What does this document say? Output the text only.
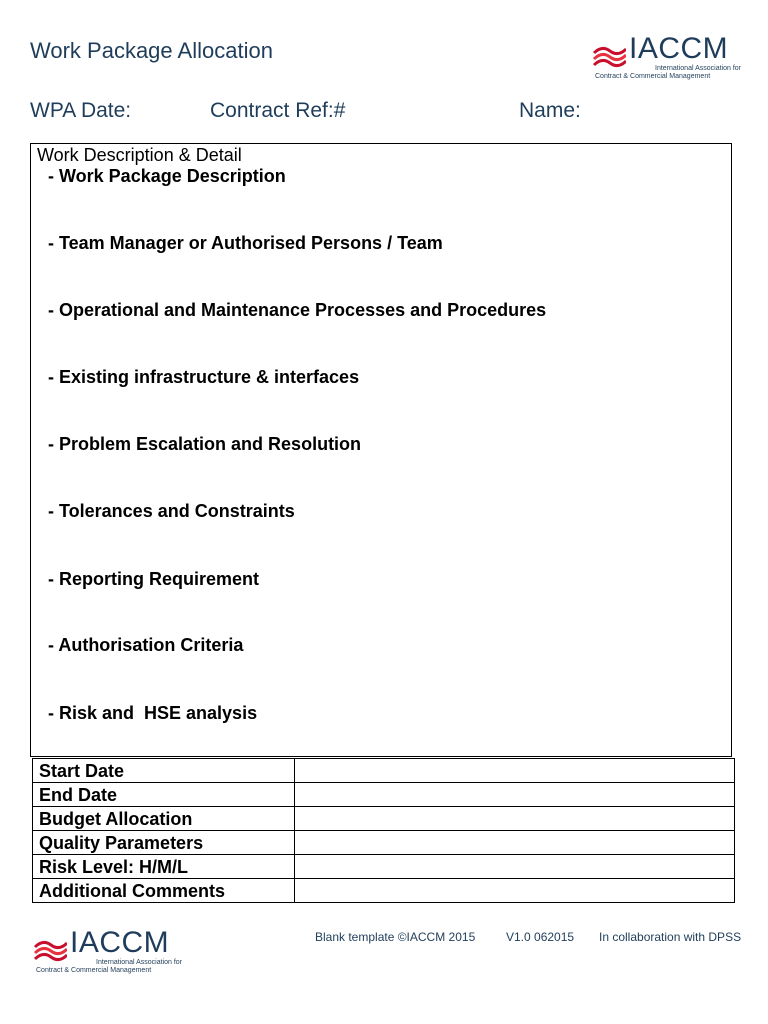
Work Package Allocation	IACCM
International Association for
Contract & Commercial Management
WPA Date:	Contract Ref:#	Name:
Work Description & Detail
- Work Package Description
- Team Manager or Authorised Persons / Team
- Operational and Maintenance Processes and Procedures
- Existing infrastructure & interfaces
- Problem Escalation and Resolution
- Tolerances and Constraints
- Reporting Requirement
- Authorisation Criteria
- Risk and  HSE analysis
Start Date	
End Date	
Budget Allocation	
Quality Parameters	
Risk Level: H/M/L	
Additional Comments	
IACCM
International Association for
Contract & Commercial Management
Blank template ©IACCM 2015	V1.0 062015 In collaboration with DPSS
